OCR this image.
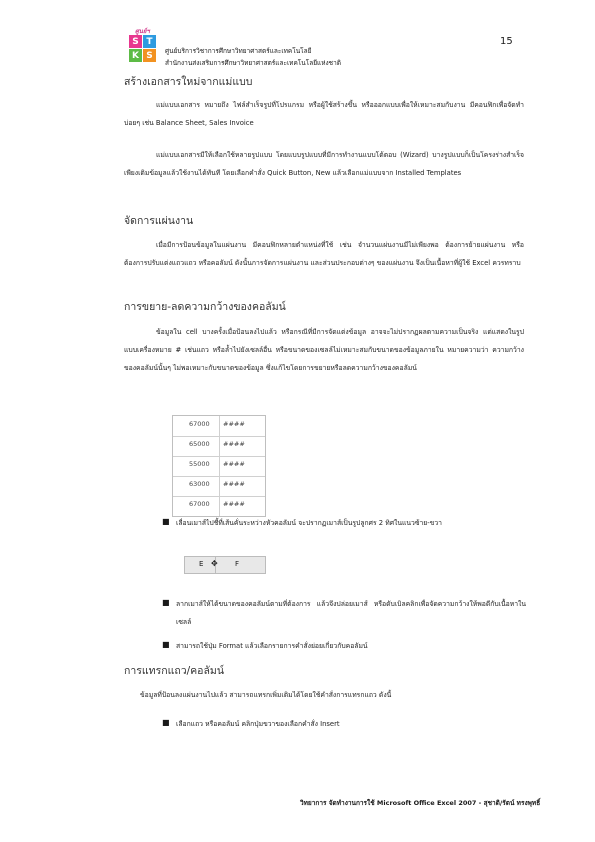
15
ศูนย์ฯ
S T
K S	ศูนย์บริการวิชาการศึกษาวิทยาศาสตร์และเทคโนโลยี
สำนักงานส่งเสริมการศึกษาวิทยาศาสตร์และเทคโนโลยีแห่งชาติ
สร้างเอกสารใหม่จากแม่แบบ
แม่แบบเอกสาร หมายถึง ไฟล์สำเร็จรูปที่โปรแกรม หรือผู้ใช้สร้างขึ้น หรือออกแบบเพื่อให้เหมาะสมกับงาน มีคอนฟิกเพื่อจัดทำบ่อยๆ เช่น Balance Sheet, Sales Invoice
แม่แบบเอกสารมีให้เลือกใช้หลายรูปแบบ โดยแบบรูปแบบที่มีการทำงานแบบโต้ตอบ (Wizard) บางรูปแบบก็เป็นโครงร่างสำเร็จ เพียงเติมข้อมูลแล้วใช้งานได้ทันที โดยเลือกคำสั่ง Quick Button, New แล้วเลือกแม่แบบจาก Installed Templates
จัดการแผ่นงาน
เมื่อมีการป้อนข้อมูลในแผ่นงาน มีคอนฟิกหลายตำแหน่งที่ใช้ เช่น จำนวนแผ่นงานมีไม่เพียงพอ ต้องการย้ายแผ่นงาน หรือต้องการปรับแต่งแถวแถว หรือคอลัมน์ ดังนั้นการจัดการแผ่นงาน และส่วนประกอบต่างๆ ของแผ่นงาน จึงเป็นเนื้อหาที่ผู้ใช้ Excel ควรทราบ
การขยาย-ลดความกว้างของคอลัมน์
ข้อมูลใน cell บางครั้งเมื่อป้อนลงไปแล้ว หรือกรณีที่มีการจัดแต่งข้อมูล อาจจะไม่ปรากฏผลตามความเป็นจริง แต่แสดงในรูปแบบเครื่องหมาย # เช่นแถว หรือล้ำไปยังเซลล์อื่น หรือขนาดของเซลล์ไม่เหมาะสมกับขนาดของข้อมูลภายใน หมายความว่า ความกว้างของคอลัมน์นั้นๆ ไม่พอเหมาะกับขนาดของข้อมูล ซึ่งแก้ไขโดยการขยายหรือลดความกว้างของคอลัมน์
67000 ####
65000 ####
55000 ####
63000 ####
67000 ####
■ เลื่อนเมาส์ไปชี้ที่เส้นคั่นระหว่างหัวคอลัมน์ จะปรากฏเมาส์เป็นรูปลูกศร 2 ทิศในแนวซ้าย-ขวา
E ✥ F
■ ลากเมาส์ให้ได้ขนาดของคอลัมน์ตามที่ต้องการ แล้วจึงปล่อยเมาส์ หรือดับเบิลคลิกเพื่อจัดความกว้างให้พอดีกับเนื้อหาในเซลล์
■ สามารถใช้ปุ่ม Format แล้วเลือกรายการคำสั่งย่อยเกี่ยวกับคอลัมน์
การแทรกแถว/คอลัมน์
ข้อมูลที่ป้อนลงแผ่นงานไปแล้ว สามารถแทรกเพิ่มเติมได้โดยใช้คำสั่งการแทรกแถว ดังนี้
■ เลือกแถว หรือคอลัมน์ คลิกปุ่มขวาของเลือกคำสั่ง Insert
วิทยาการ จัดทำงานการใช้ Microsoft Office Excel 2007 - สุชาติ/รัตน์ ทรงพุทธิ์
